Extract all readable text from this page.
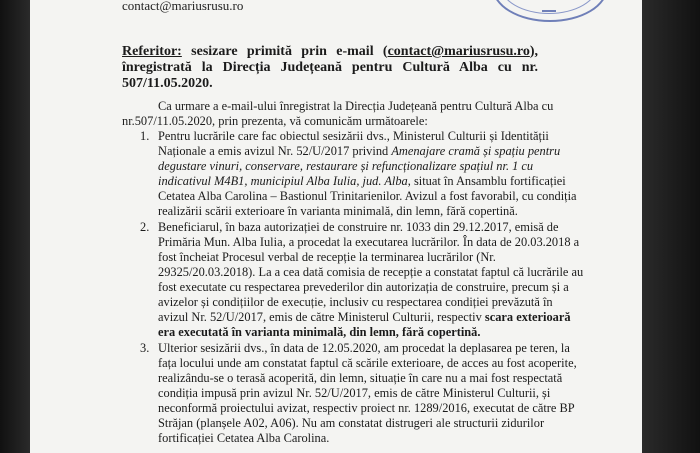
contact@mariusrusu.ro
Referitor: sesizare primită prin e-mail (contact@mariusrusu.ro), înregistrată la Direcția Județeană pentru Cultură Alba cu nr. 507/11.05.2020.
Ca urmare a e-mail-ului înregistrat la Direcția Județeană pentru Cultură Alba cu
nr.507/11.05.2020, prin prezenta, vă comunicăm următoarele:
1. Pentru lucrările care fac obiectul sesizării dvs., Ministerul Culturii și Identității
Naționale a emis avizul Nr. 52/U/2017 privind Amenajare cramă și spațiu pentru
degustare vinuri, conservare, restaurare și refuncționalizare spațiul nr. 1 cu
indicativul M4B1, municipiul Alba Iulia, jud. Alba, situat în Ansamblu fortificației
Cetatea Alba Carolina – Bastionul Trinitarienilor. Avizul a fost favorabil, cu condiția
realizării scării exterioare în varianta minimală, din lemn, fără copertină.
2. Beneficiarul, în baza autorizației de construire nr. 1033 din 29.12.2017, emisă de
Primăria Mun. Alba Iulia, a procedat la executarea lucrărilor. În data de 20.03.2018 a
fost încheiat Procesul verbal de recepție la terminarea lucrărilor (Nr.
29325/20.03.2018). La a cea dată comisia de recepție a constatat faptul că lucrările au
fost executate cu respectarea prevederilor din autorizația de construire, precum și a
avizelor și condițiilor de execuție, inclusiv cu respectarea condiției prevăzută în
avizul Nr. 52/U/2017, emis de către Ministerul Culturii, respectiv scara exterioară
era executată în varianta minimală, din lemn, fără copertină.
3. Ulterior sesizării dvs., în data de 12.05.2020, am procedat la deplasarea pe teren, la
fața locului unde am constatat faptul că scările exterioare, de acces au fost acoperite,
realizându-se o terasă acoperită, din lemn, situație în care nu a mai fost respectată
condiția impusă prin avizul Nr. 52/U/2017, emis de către Ministerul Culturii, și
neconformă proiectului avizat, respectiv proiect nr. 1289/2016, executat de către BP
Străjan (planșele A02, A06). Nu am constatat distrugeri ale structurii zidurilor
fortificației Cetatea Alba Carolina.
